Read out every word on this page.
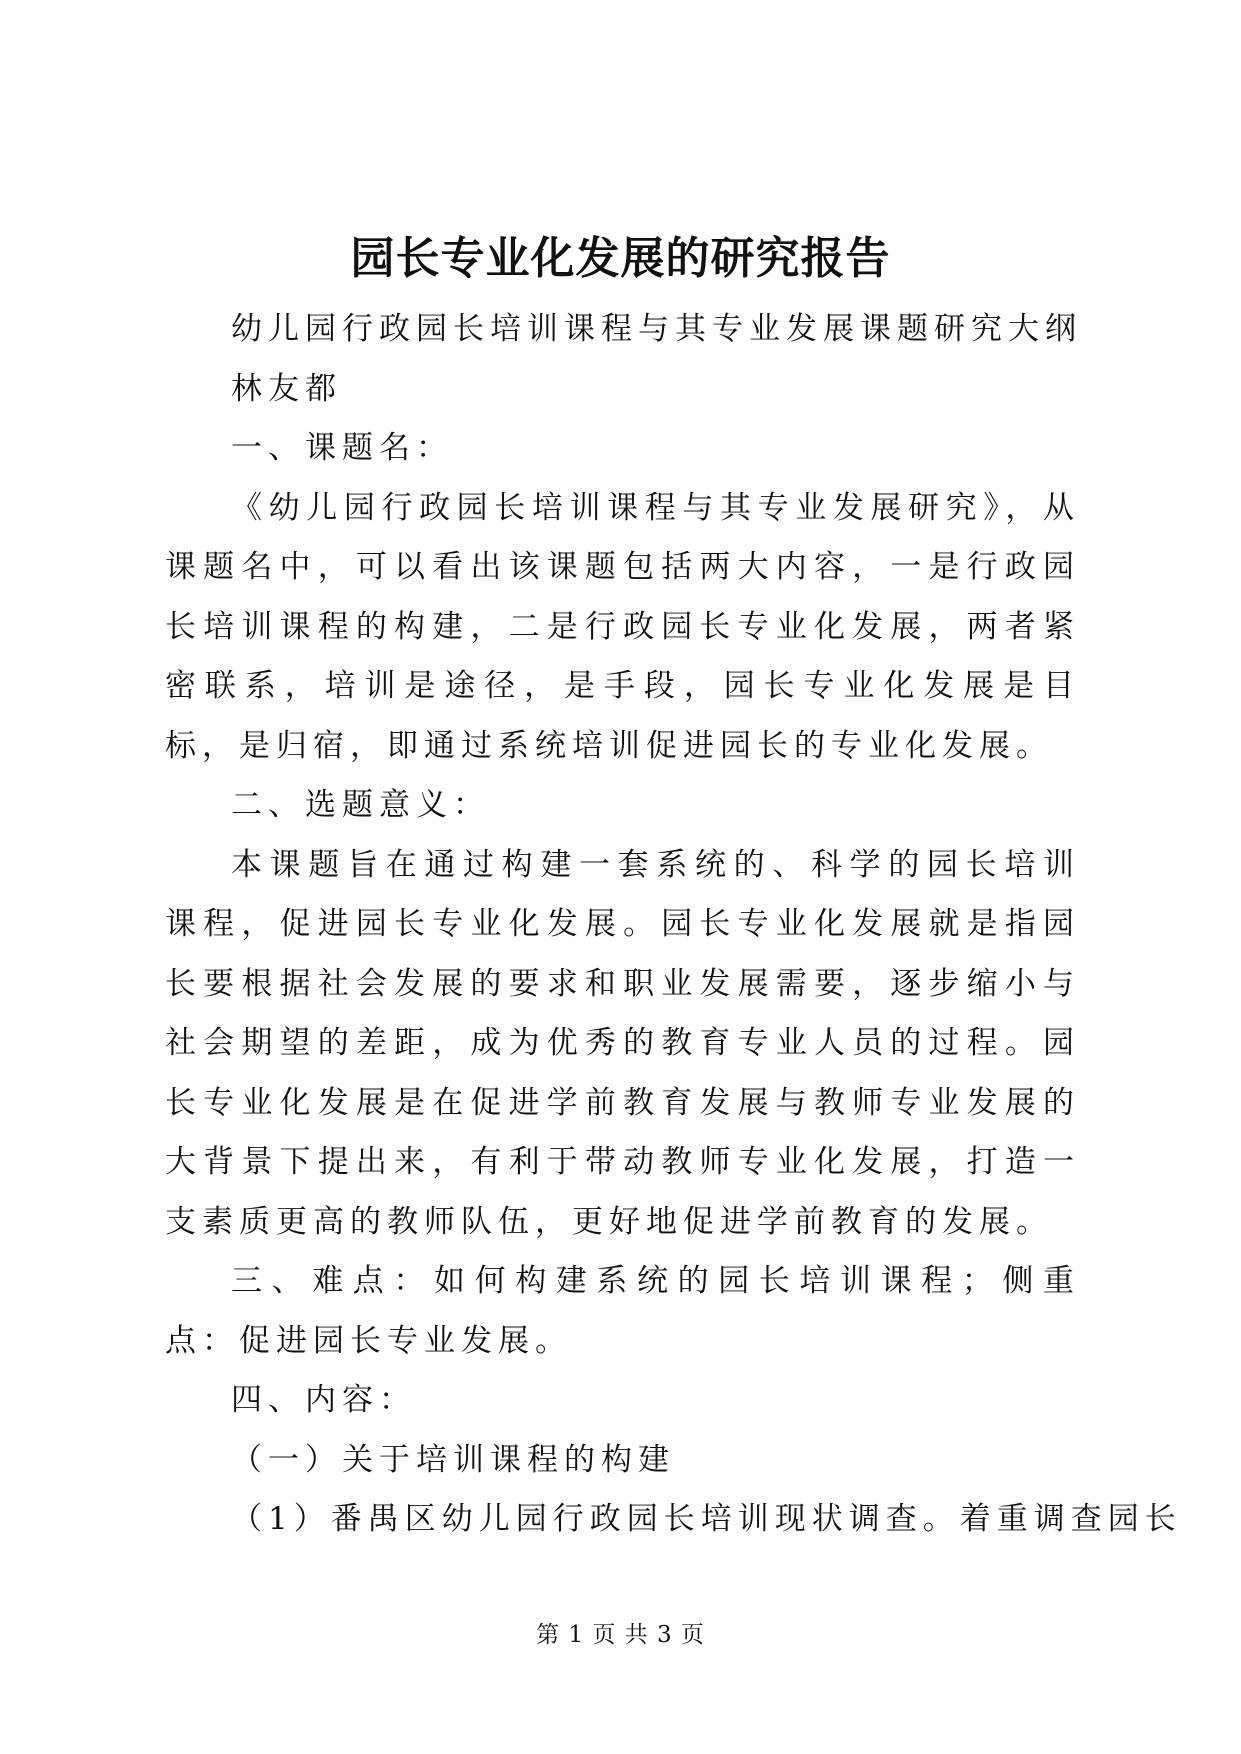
园长专业化发展的研究报告

幼儿园行政园长培训课程与其专业发展课题研究大纲

林友都

一、课题名：

《幼儿园行政园长培训课程与其专业发展研究》，从课题名中，可以看出该课题包括两大内容，一是行政园长培训课程的构建，二是行政园长专业化发展，两者紧密联系，培训是途径，是手段，园长专业化发展是目标，是归宿，即通过系统培训促进园长的专业化发展。

二、选题意义：

本课题旨在通过构建一套系统的、科学的园长培训课程，促进园长专业化发展。园长专业化发展就是指园长要根据社会发展的要求和职业发展需要，逐步缩小与社会期望的差距，成为优秀的教育专业人员的过程。园长专业化发展是在促进学前教育发展与教师专业发展的大背景下提出来，有利于带动教师专业化发展，打造一支素质更高的教师队伍，更好地促进学前教育的发展。

三、难点：如何构建系统的园长培训课程；侧重点：促进园长专业发展。

四、内容：

（一）关于培训课程的构建

（1）番禺区幼儿园行政园长培训现状调查。着重调查园长

第 1 页 共 3 页
